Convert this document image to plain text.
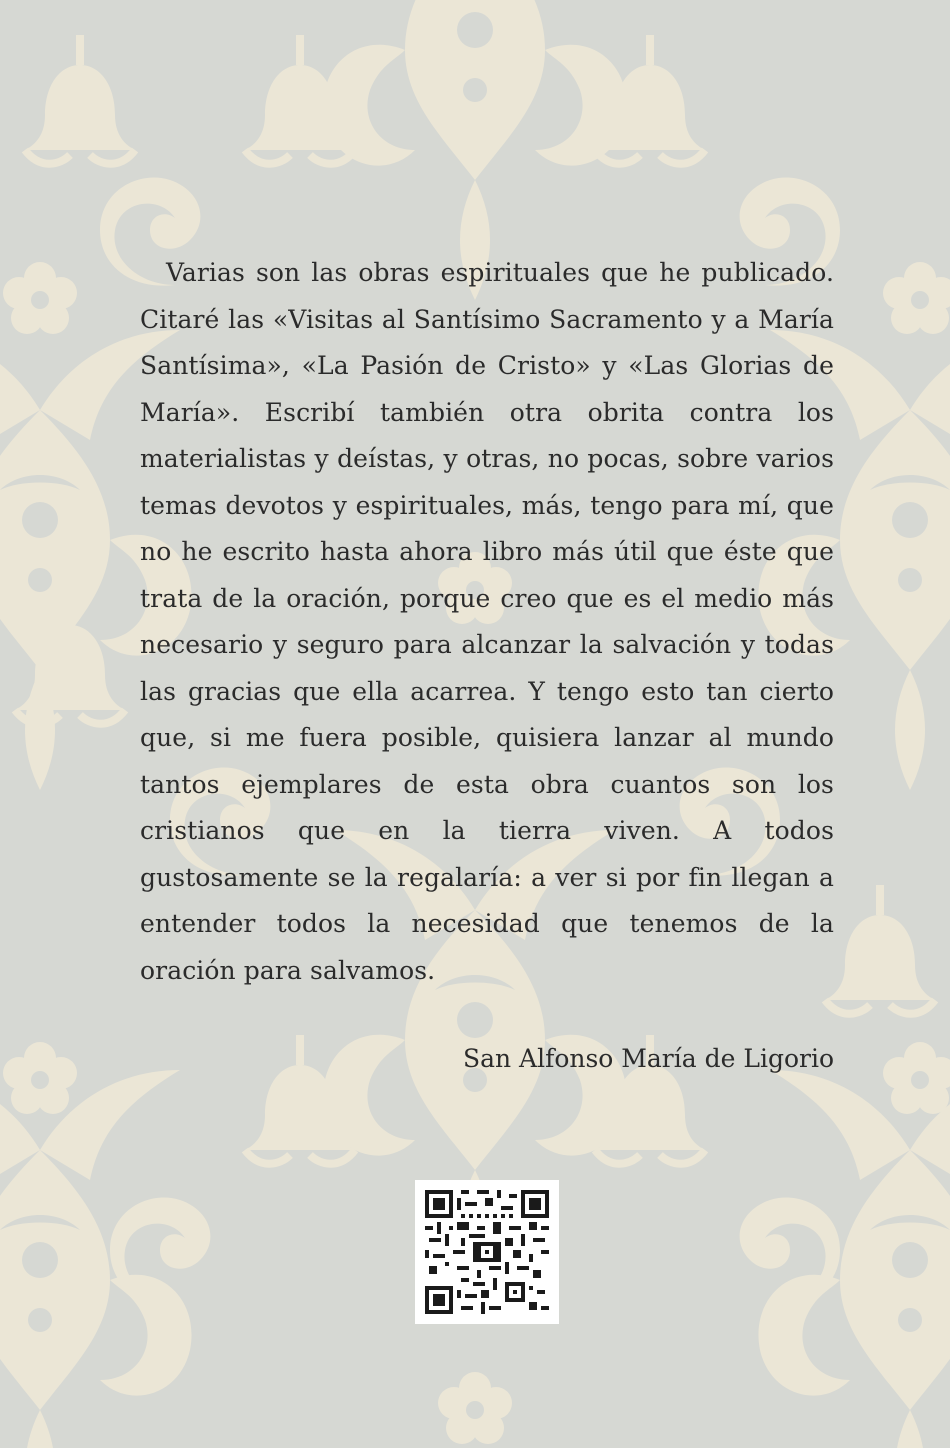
Varias son las obras espirituales que he publicado. Citaré las «Visitas al Santísimo Sacramento y a María Santísima», «La Pasión de Cristo» y «Las Glorias de María». Escribí también otra obrita contra los materialistas y deístas, y otras, no pocas, sobre varios temas devotos y espirituales, más, tengo para mí, que no he escrito hasta ahora libro más útil que éste que trata de la oración, porque creo que es el medio más necesario y seguro para alcanzar la salvación y todas las gracias que ella acarrea. Y tengo esto tan cierto que, si me fuera posible, quisiera lanzar al mundo tantos ejemplares de esta obra cuantos son los cristianos que en la tierra viven. A todos gustosamente se la regalaría: a ver si por fin llegan a entender todos la necesidad que tenemos de la oración para salvamos.

San Alfonso María de Ligorio
